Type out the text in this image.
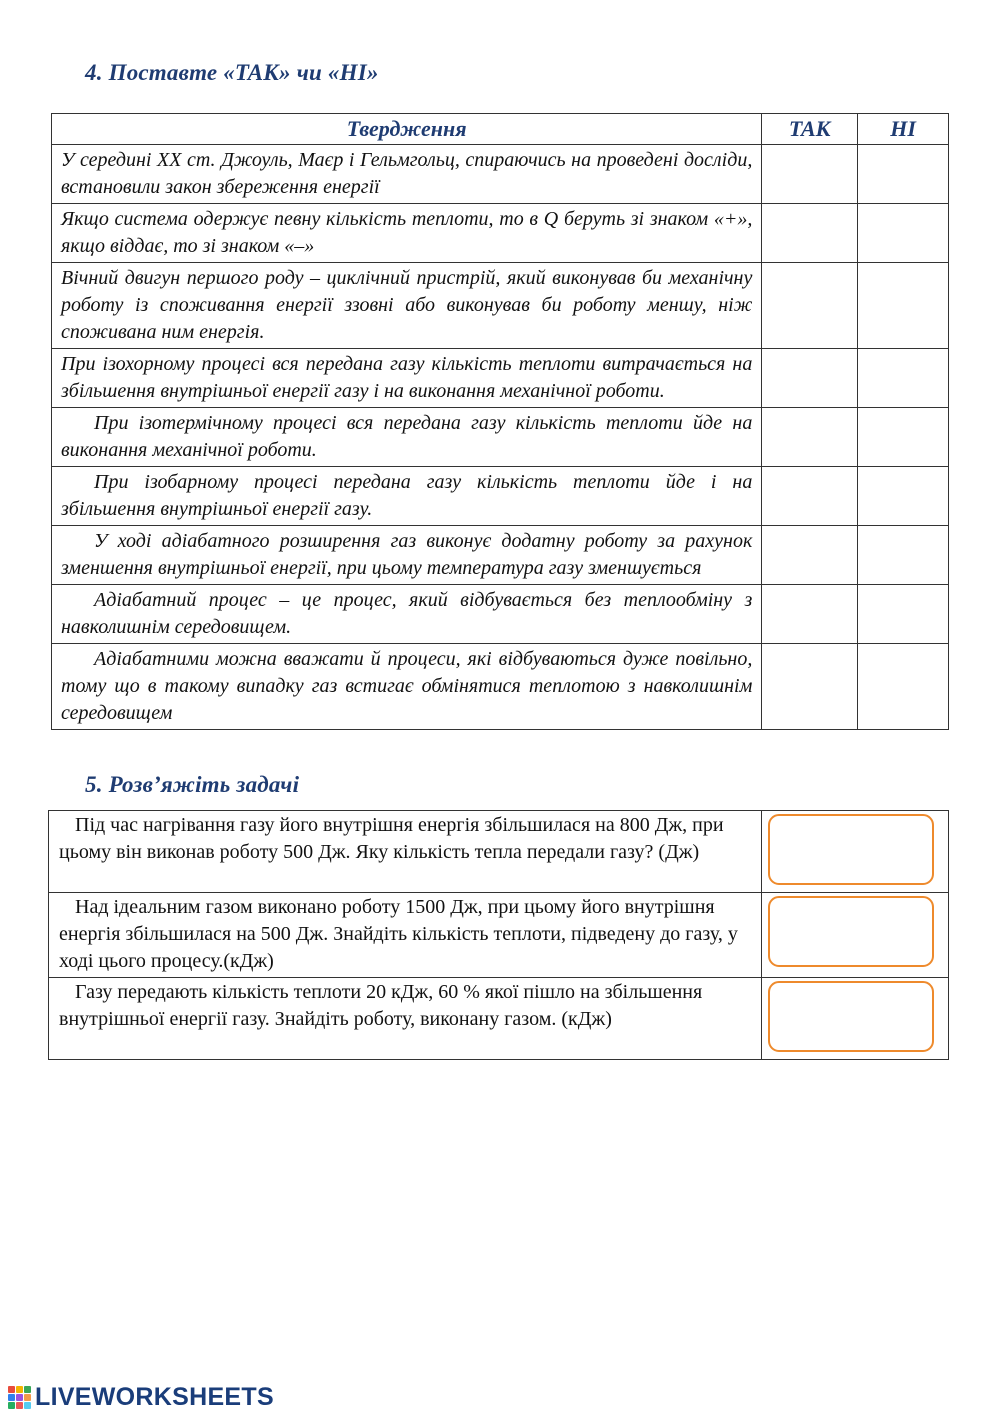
4. Поставте «ТАК» чи «НІ»
Твердження	ТАК	НІ
У середині XX ст. Джоуль, Маєр і Гельмгольц, спираючись на проведені досліди, встановили закон збереження енергії		
Якщо система одержує певну кількість теплоти, то в Q беруть зі знаком «+», якщо віддає, то зі знаком «–»		
Вічний двигун першого роду – циклічний пристрій, який виконував би механічну роботу із споживання енергії ззовні або виконував би роботу меншу, ніж споживана ним енергія.		
При ізохорному процесі вся передана газу кількість теплоти витрачається на збільшення внутрішньої енергії газу і на виконання механічної роботи.		
При ізотермічному процесі вся передана газу кількість теплоти йде на виконання механічної роботи.		
При ізобарному процесі передана газу кількість теплоти йде і на збільшення внутрішньої енергії газу.		
У ході адіабатного розширення газ виконує додатну роботу за рахунок зменшення внутрішньої енергії, при цьому температура газу зменшується		
Адіабатний процес – це процес, який відбувається без теплообміну з навколишнім середовищем.		
Адіабатними можна вважати й процеси, які відбуваються дуже повільно, тому що в такому випадку газ встигає обмінятися теплотою з навколишнім середовищем		
5. Розв’яжіть задачі
Під час нагрівання газу його внутрішня енергія збільшилася на 800 Дж, при цьому він виконав роботу 500 Дж. Яку кількість тепла передали газу? (Дж)	

Над ідеальним газом виконано роботу 1500 Дж, при цьому його внутрішня енергія збільшилася на 500 Дж. Знайдіть кількість теплоти, підведену до газу, у ході цього процесу.(кДж)	

Газу передають кількість теплоти 20 кДж, 60 % якої пішло на збільшення внутрішньої енергії газу. Знайдіть роботу, виконану газом. (кДж)	
LIVEWORKSHEETS
